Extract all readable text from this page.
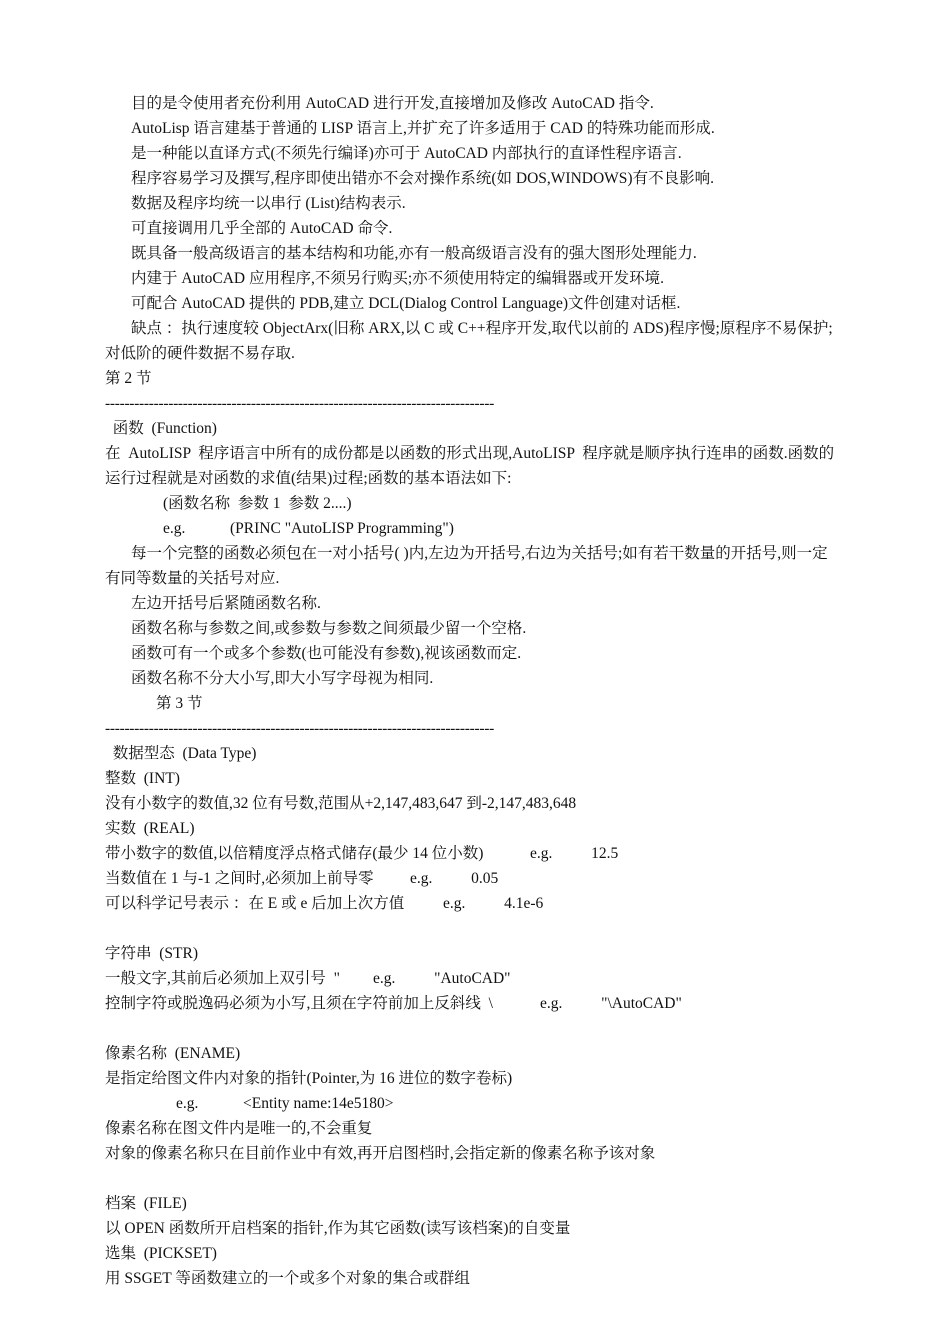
目的是令使用者充份利用 AutoCAD 进行开发,直接增加及修改 AutoCAD 指令.
AutoLisp 语言建基于普通的 LISP 语言上,并扩充了许多适用于 CAD 的特殊功能而形成.
是一种能以直译方式(不须先行编译)亦可于 AutoCAD 内部执行的直译性程序语言.
程序容易学习及撰写,程序即使出错亦不会对操作系统(如 DOS,WINDOWS)有不良影响.
数据及程序均统一以串行 (List)结构表示.
可直接调用几乎全部的 AutoCAD 命令.
既具备一般高级语言的基本结构和功能,亦有一般高级语言没有的强大图形处理能力.
内建于 AutoCAD 应用程序,不须另行购买;亦不须使用特定的编辑器或开发环境.
可配合 AutoCAD 提供的 PDB,建立 DCL(Dialog Control Language)文件创建对话框.
缺点 ：执行速度较 ObjectArx(旧称 ARX,以 C 或 C++程序开发,取代以前的 ADS)程序慢;原程序不易保护;
对低阶的硬件数据不易存取.
第 2 节
--------------------------------------------------------------------------------
函数  (Function)
在  AutoLISP  程序语言中所有的成份都是以函数的形式出现,AutoLISP  程序就是顺序执行连串的函数.函数的
运行过程就是对函数的求值(结果)过程;函数的基本语法如下:
(函数名称  参数 1  参数 2....)
e.g.	(PRINC "AutoLISP Programming")
每一个完整的函数必须包在一对小括号( )内,左边为开括号,右边为关括号;如有若干数量的开括号,则一定
有同等数量的关括号对应.
左边开括号后紧随函数名称.
函数名称与参数之间,或参数与参数之间须最少留一个空格.
函数可有一个或多个参数(也可能没有参数),视该函数而定.
函数名称不分大小写,即大小写字母视为相同.
第 3 节
--------------------------------------------------------------------------------
数据型态  (Data Type)
整数  (INT)
没有小数字的数值,32 位有号数,范围从+2,147,483,647 到-2,147,483,648
实数  (REAL)
带小数字的数值,以倍精度浮点格式储存(最少 14 位小数)	e.g.          12.5
当数值在 1 与-1 之间时,必须加上前导零 e.g.          0.05
可以科学记号表示 ：在 E 或 e 后加上次方值	e.g.          4.1e-6
字符串  (STR)
一般文字,其前后必须加上双引号  " e.g.          "AutoCAD"
控制字符或脱逸码必须为小写,且须在字符前加上反斜线  \	e.g.          "\AutoCAD"
像素名称  (ENAME)
是指定给图文件内对象的指针(Pointer,为 16 进位的数字卷标)
e.g.	<Entity name:14e5180>
像素名称在图文件内是唯一的,不会重复
对象的像素名称只在目前作业中有效,再开启图档时,会指定新的像素名称予该对象
档案  (FILE)
以 OPEN 函数所开启档案的指针,作为其它函数(读写该档案)的自变量
选集  (PICKSET)
用 SSGET 等函数建立的一个或多个对象的集合或群组
